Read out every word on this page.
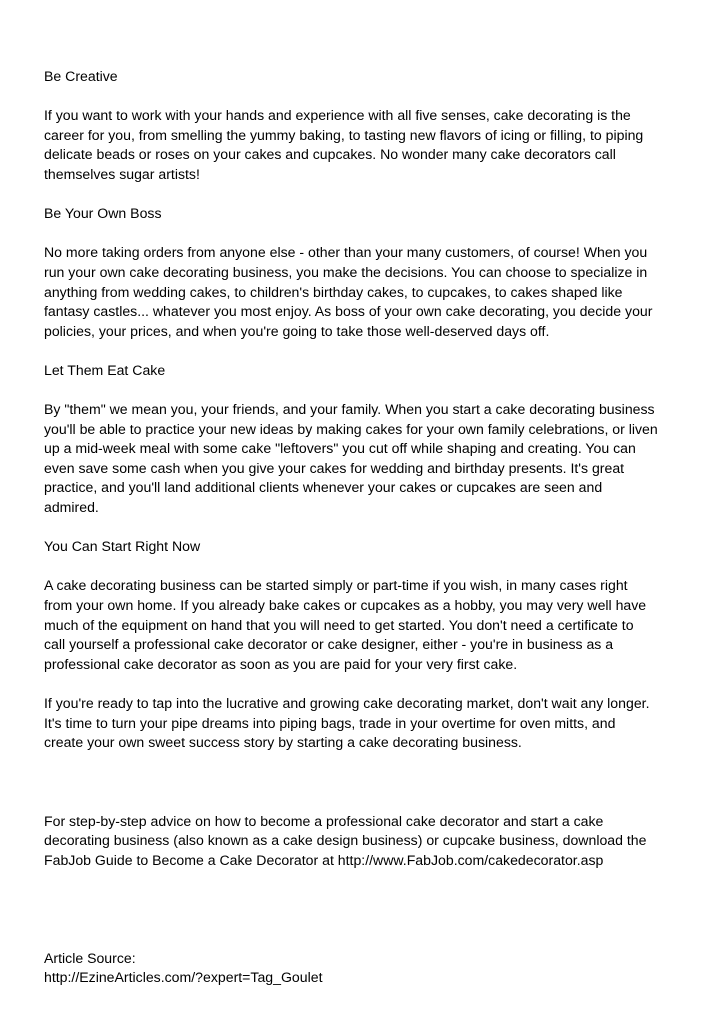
Be Creative

If you want to work with your hands and experience with all five senses, cake decorating is the
career for you, from smelling the yummy baking, to tasting new flavors of icing or filling, to piping
delicate beads or roses on your cakes and cupcakes. No wonder many cake decorators call
themselves sugar artists!

Be Your Own Boss

No more taking orders from anyone else - other than your many customers, of course! When you
run your own cake decorating business, you make the decisions. You can choose to specialize in
anything from wedding cakes, to children's birthday cakes, to cupcakes, to cakes shaped like
fantasy castles... whatever you most enjoy. As boss of your own cake decorating, you decide your
policies, your prices, and when you're going to take those well-deserved days off.

Let Them Eat Cake

By "them" we mean you, your friends, and your family. When you start a cake decorating business
you'll be able to practice your new ideas by making cakes for your own family celebrations, or liven
up a mid-week meal with some cake "leftovers" you cut off while shaping and creating. You can
even save some cash when you give your cakes for wedding and birthday presents. It's great
practice, and you'll land additional clients whenever your cakes or cupcakes are seen and
admired.

You Can Start Right Now

A cake decorating business can be started simply or part-time if you wish, in many cases right
from your own home. If you already bake cakes or cupcakes as a hobby, you may very well have
much of the equipment on hand that you will need to get started. You don't need a certificate to
call yourself a professional cake decorator or cake designer, either - you're in business as a
professional cake decorator as soon as you are paid for your very first cake.

If you're ready to tap into the lucrative and growing cake decorating market, don't wait any longer.
It's time to turn your pipe dreams into piping bags, trade in your overtime for oven mitts, and
create your own sweet success story by starting a cake decorating business.

For step-by-step advice on how to become a professional cake decorator and start a cake
decorating business (also known as a cake design business) or cupcake business, download the
FabJob Guide to Become a Cake Decorator at http://www.FabJob.com/cakedecorator.asp

Article Source:

http://EzineArticles.com/?expert=Tag_Goulet
